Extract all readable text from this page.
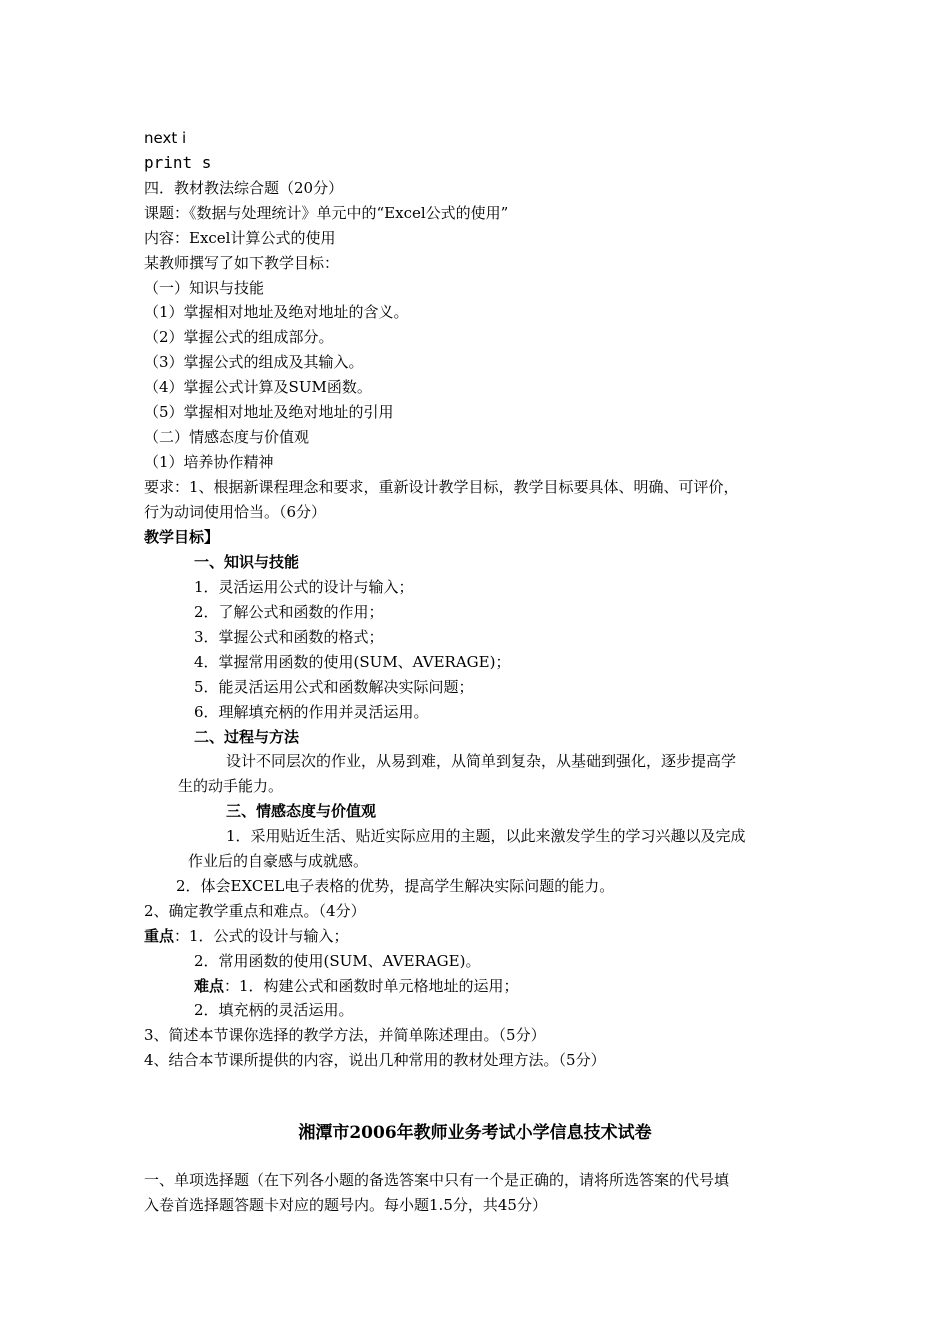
next i
print s
四．教材教法综合题（20分）
课题：《数据与处理统计》单元中的“Excel公式的使用”
内容：Excel计算公式的使用
某教师撰写了如下教学目标：
（一）知识与技能
（1）掌握相对地址及绝对地址的含义。
（2）掌握公式的组成部分。
（3）掌握公式的组成及其输入。
（4）掌握公式计算及SUM函数。
（5）掌握相对地址及绝对地址的引用
（二）情感态度与价值观
（1）培养协作精神
要求：1、根据新课程理念和要求，重新设计教学目标，教学目标要具体、明确、可评价，
行为动词使用恰当。（6分）
教学目标】
一、知识与技能
1．灵活运用公式的设计与输入；
2．了解公式和函数的作用；
3．掌握公式和函数的格式；
4．掌握常用函数的使用(SUM、AVERAGE)；
5．能灵活运用公式和函数解决实际问题；
6．理解填充柄的作用并灵活运用。
二、过程与方法
设计不同层次的作业，从易到难，从简单到复杂，从基础到强化，逐步提高学
生的动手能力。
三、情感态度与价值观
1．采用贴近生活、贴近实际应用的主题，以此来激发学生的学习兴趣以及完成
作业后的自豪感与成就感。
2．体会EXCEL电子表格的优势，提高学生解决实际问题的能力。
2、确定教学重点和难点。（4分）
重点：1．公式的设计与输入；
2．常用函数的使用(SUM、AVERAGE)。
难点：1．构建公式和函数时单元格地址的运用；
2．填充柄的灵活运用。
3、简述本节课你选择的教学方法，并简单陈述理由。（5分）
4、结合本节课所提供的内容，说出几种常用的教材处理方法。（5分）
湘潭市2006年教师业务考试小学信息技术试卷
一、单项选择题（在下列各小题的备选答案中只有一个是正确的，请将所选答案的代号填
入卷首选择题答题卡对应的题号内。每小题1.5分，共45分）
